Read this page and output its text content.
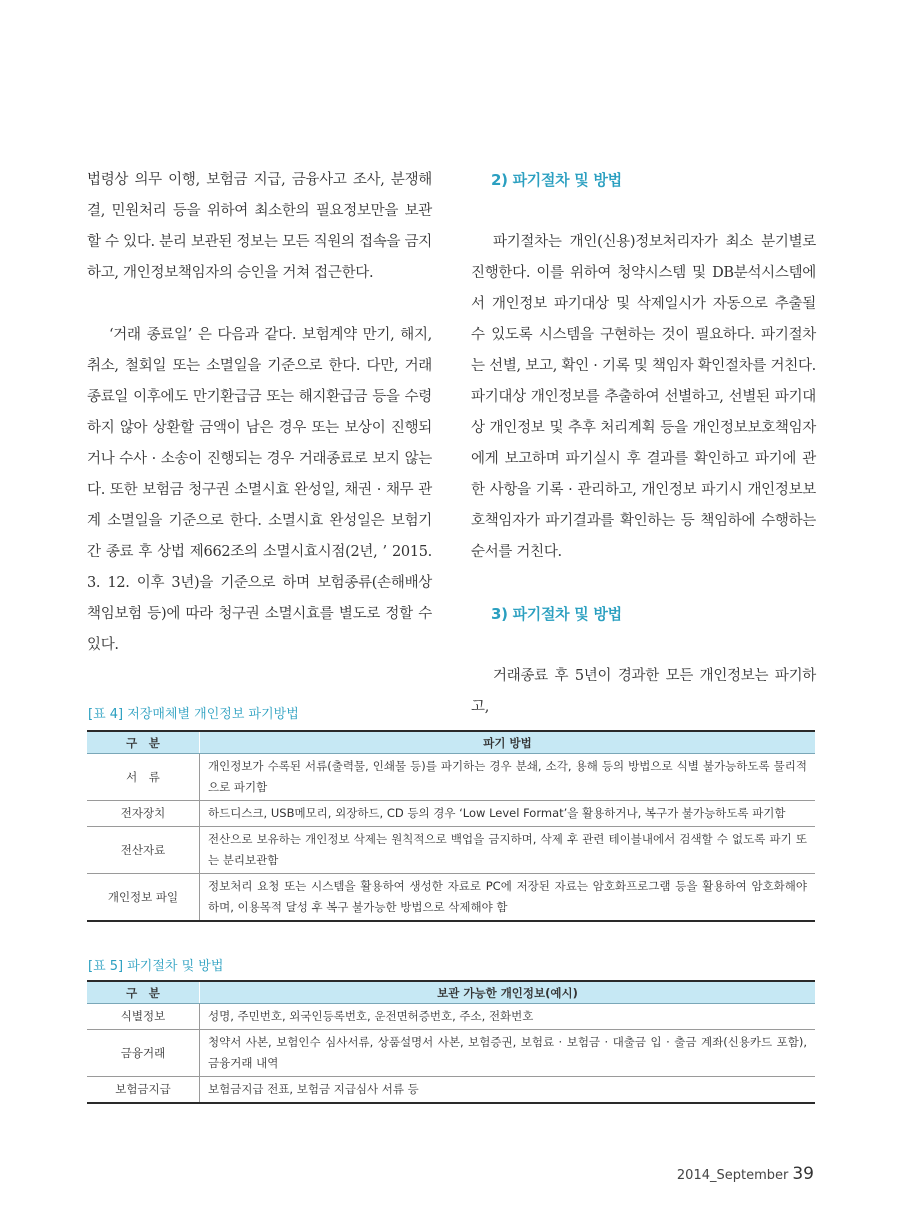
법령상 의무 이행, 보험금 지급, 금융사고 조사, 분쟁해결, 민원처리 등을 위하여 최소한의 필요정보만을 보관할 수 있다. 분리 보관된 정보는 모든 직원의 접속을 금지하고, 개인정보책임자의 승인을 거쳐 접근한다.

‘거래 종료일’ 은 다음과 같다. 보험계약 만기, 해지, 취소, 철회일 또는 소멸일을 기준으로 한다. 다만, 거래 종료일 이후에도 만기환급금 또는 해지환급금 등을 수령하지 않아 상환할 금액이 남은 경우 또는 보상이 진행되거나 수사 · 소송이 진행되는 경우 거래종료로 보지 않는다. 또한 보험금 청구권 소멸시효 완성일, 채권 · 채무 관계 소멸일을 기준으로 한다. 소멸시효 완성일은 보험기간 종료 후 상법 제662조의 소멸시효시점(2년, ’ 2015. 3. 12. 이후 3년)을 기준으로 하며 보험종류(손해배상 책임보험 등)에 따라 청구권 소멸시효를 별도로 정할 수 있다.

2) 파기절차 및 방법

파기절차는 개인(신용)정보처리자가 최소 분기별로 진행한다. 이를 위하여 청약시스템 및 DB분석시스템에서 개인정보 파기대상 및 삭제일시가 자동으로 추출될 수 있도록 시스템을 구현하는 것이 필요하다. 파기절차는 선별, 보고, 확인 · 기록 및 책임자 확인절차를 거친다. 파기대상 개인정보를 추출하여 선별하고, 선별된 파기대상 개인정보 및 추후 처리계획 등을 개인정보보호책임자에게 보고하며 파기실시 후 결과를 확인하고 파기에 관한 사항을 기록 · 관리하고, 개인정보 파기시 개인정보보호책임자가 파기결과를 확인하는 등 책임하에 수행하는 순서를 거친다.

3) 파기절차 및 방법

거래종료 후 5년이 경과한 모든 개인정보는 파기하고,

[표 4] 저장매체별 개인정보 파기방법
구　분	파기 방법
서　류	개인정보가 수록된 서류(출력물, 인쇄물 등)를 파기하는 경우 분쇄, 소각, 용해 등의 방법으로 식별 불가능하도록 물리적으로 파기함
전자장치	하드디스크, USB메모리, 외장하드, CD 등의 경우 ‘Low Level Format’을 활용하거나, 복구가 불가능하도록 파기함
전산자료	전산으로 보유하는 개인정보 삭제는 원칙적으로 백업을 금지하며, 삭제 후 관련 테이블내에서 검색할 수 없도록 파기 또는 분리보관함
개인정보 파일	정보처리 요청 또는 시스템을 활용하여 생성한 자료로 PC에 저장된 자료는 암호화프로그램 등을 활용하여 암호화해야 하며, 이용목적 달성 후 복구 불가능한 방법으로 삭제해야 함
[표 5] 파기절차 및 방법
구　분	보관 가능한 개인정보(예시)
식별정보	성명, 주민번호, 외국인등록번호, 운전면허증번호, 주소, 전화번호
금융거래	청약서 사본, 보험인수 심사서류, 상품설명서 사본, 보험증권, 보험료 · 보험금 · 대출금 입 · 출금 계좌(신용카드 포함), 금융거래 내역
보험금지급	보험금지급 전표, 보험금 지급심사 서류 등
2014_September 39
